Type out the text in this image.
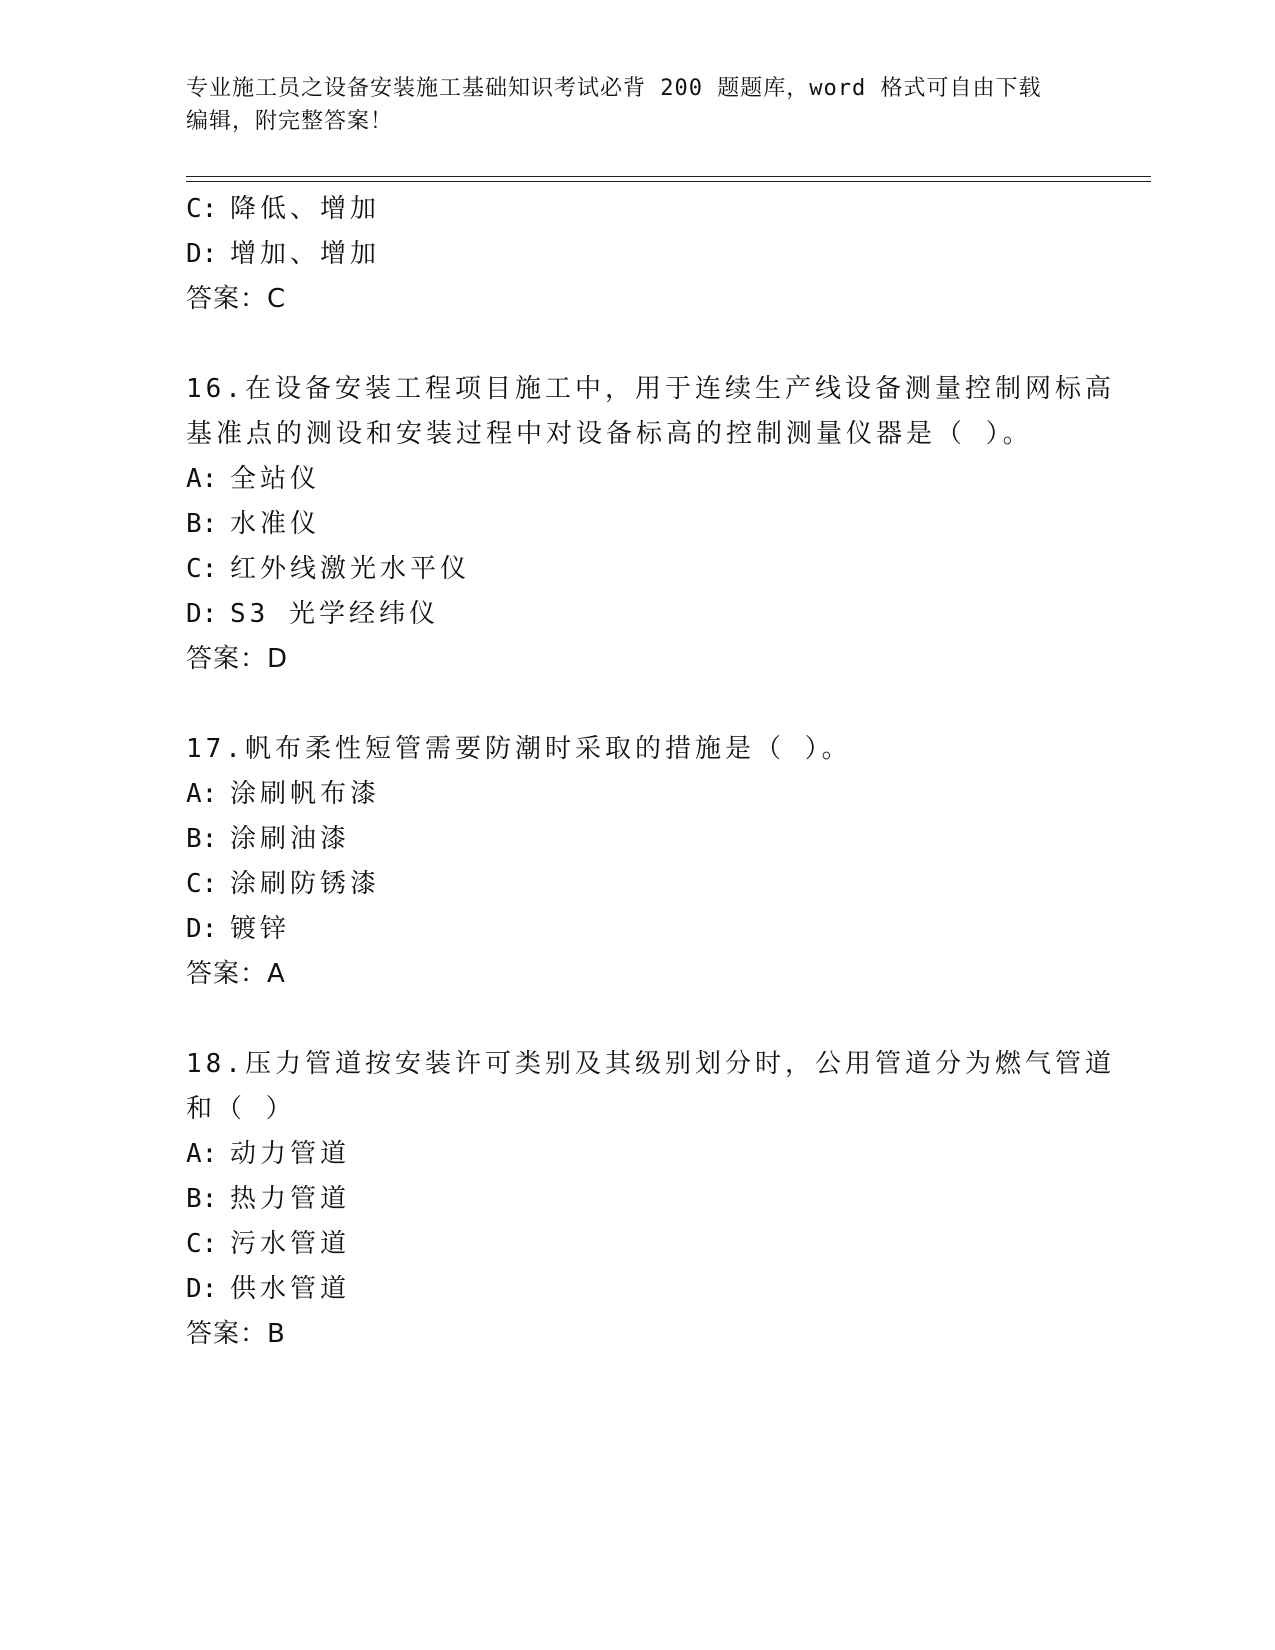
专业施工员之设备安装施工基础知识考试必背 200 题题库，word 格式可自由下载
编辑，附完整答案！
C: 降低、增加
D: 增加、增加
答案：C
16.在设备安装工程项目施工中，用于连续生产线设备测量控制网标高
基准点的测设和安装过程中对设备标高的控制测量仪器是（ ）。
A: 全站仪
B: 水准仪
C: 红外线激光水平仪
D: S3 光学经纬仪
答案：D
17.帆布柔性短管需要防潮时采取的措施是（ ）。
A: 涂刷帆布漆
B: 涂刷油漆
C: 涂刷防锈漆
D: 镀锌
答案：A
18.压力管道按安装许可类别及其级别划分时，公用管道分为燃气管道
和（ ）
A: 动力管道
B: 热力管道
C: 污水管道
D: 供水管道
答案：B
